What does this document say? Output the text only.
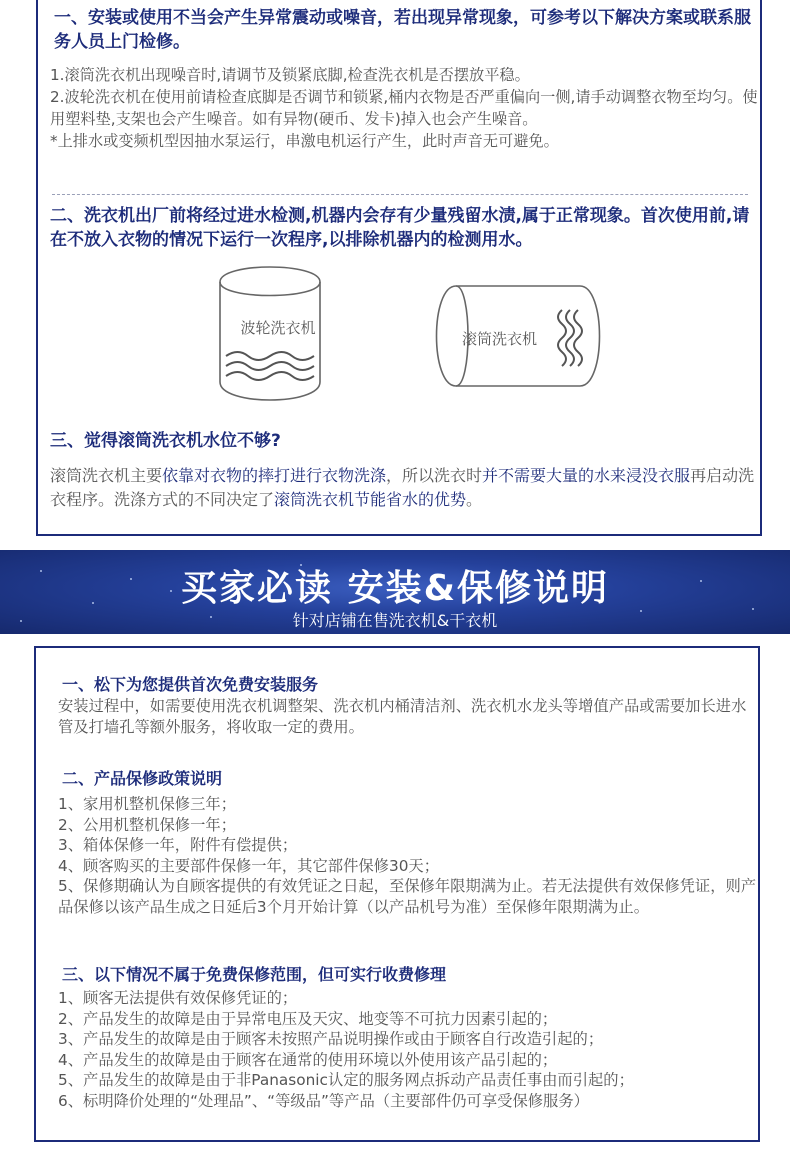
一、安装或使用不当会产生异常震动或噪音，若出现异常现象，可参考以下解决方案或联系服务人员上门检修。
1.滚筒洗衣机出现噪音时,请调节及锁紧底脚,检查洗衣机是否摆放平稳。
2.波轮洗衣机在使用前请检查底脚是否调节和锁紧,桶内衣物是否严重偏向一侧,请手动调整衣物至均匀。使用塑料垫,支架也会产生噪音。如有异物(硬币、发卡)掉入也会产生噪音。
*上排水或变频机型因抽水泵运行，串激电机运行产生，此时声音无可避免。
二、洗衣机出厂前将经过进水检测,机器内会存有少量残留水渍,属于正常现象。首次使用前,请在不放入衣物的情况下运行一次程序,以排除机器内的检测用水。
波轮洗衣机
滚筒洗衣机
三、觉得滚筒洗衣机水位不够?
滚筒洗衣机主要依靠对衣物的摔打进行衣物洗涤，所以洗衣时并不需要大量的水来浸没衣服再启动洗衣程序。洗涤方式的不同决定了滚筒洗衣机节能省水的优势。
买家必读 安装&保修说明
针对店铺在售洗衣机&干衣机
一、松下为您提供首次免费安装服务
安装过程中，如需要使用洗衣机调整架、洗衣机内桶清洁剂、洗衣机水龙头等增值产品或需要加长进水管及打墙孔等额外服务，将收取一定的费用。
二、产品保修政策说明
1、家用机整机保修三年；
2、公用机整机保修一年；
3、箱体保修一年，附件有偿提供；
4、顾客购买的主要部件保修一年，其它部件保修30天；
5、保修期确认为自顾客提供的有效凭证之日起，至保修年限期满为止。若无法提供有效保修凭证，则产品保修以该产品生成之日延后3个月开始计算（以产品机号为准）至保修年限期满为止。
三、以下情况不属于免费保修范围，但可实行收费修理
1、顾客无法提供有效保修凭证的；
2、产品发生的故障是由于异常电压及天灾、地变等不可抗力因素引起的；
3、产品发生的故障是由于顾客未按照产品说明操作或由于顾客自行改造引起的；
4、产品发生的故障是由于顾客在通常的使用环境以外使用该产品引起的；
5、产品发生的故障是由于非Panasonic认定的服务网点拆动产品责任事由而引起的；
6、标明降价处理的“处理品”、“等级品”等产品（主要部件仍可享受保修服务）
